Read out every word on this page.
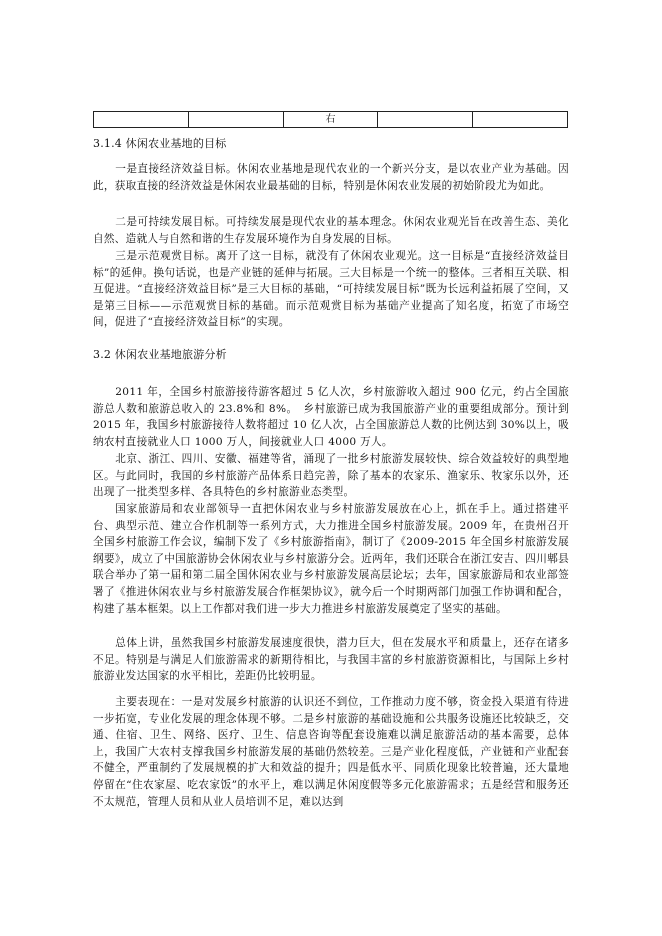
		右		
3.1.4 休闲农业基地的目标

一是直接经济效益目标。休闲农业基地是现代农业的一个新兴分支，是以农业产业为基础。因此，获取直接的经济效益是休闲农业最基础的目标，特别是休闲农业发展的初始阶段尤为如此。

二是可持续发展目标。可持续发展是现代农业的基本理念。休闲农业观光旨在改善生态、美化自然、造就人与自然和谐的生存发展环境作为自身发展的目标。

三是示范观赏目标。离开了这一目标，就没有了休闲农业观光。这一目标是“直接经济效益目标”的延伸。换句话说，也是产业链的延伸与拓展。三大目标是一个统一的整体。三者相互关联、相互促进。“直接经济效益目标”是三大目标的基础，“可持续发展目标”既为长远利益拓展了空间，又是第三目标——示范观赏目标的基础。而示范观赏目标为基础产业提高了知名度，拓宽了市场空间，促进了“直接经济效益目标”的实现。

3.2 休闲农业基地旅游分析

2011 年，全国乡村旅游接待游客超过 5 亿人次，乡村旅游收入超过 900 亿元，约占全国旅游总人数和旅游总收入的 23.8%和 8%。　乡村旅游已成为我国旅游产业的重要组成部分。预计到 2015 年，我国乡村旅游接待人数将超过 10 亿人次，占全国旅游总人数的比例达到 30%以上，吸纳农村直接就业人口 1000 万人，间接就业人口 4000 万人。

北京、浙江、四川、安徽、福建等省，涌现了一批乡村旅游发展较快、综合效益较好的典型地区。与此同时，我国的乡村旅游产品体系日趋完善，除了基本的农家乐、渔家乐、牧家乐以外，还出现了一批类型多样、各具特色的乡村旅游业态类型。

国家旅游局和农业部领导一直把休闲农业与乡村旅游发展放在心上，抓在手上。通过搭建平台、典型示范、建立合作机制等一系列方式，大力推进全国乡村旅游发展。2009 年，在贵州召开全国乡村旅游工作会议，编制下发了《乡村旅游指南》，制订了《2009-2015 年全国乡村旅游发展纲要》，成立了中国旅游协会休闲农业与乡村旅游分会。近两年，我们还联合在浙江安吉、四川郫县联合举办了第一届和第二届全国休闲农业与乡村旅游发展高层论坛；去年，国家旅游局和农业部签署了《推进休闲农业与乡村旅游发展合作框架协议》，就今后一个时期两部门加强工作协调和配合，构建了基本框架。以上工作都对我们进一步大力推进乡村旅游发展奠定了坚实的基础。

总体上讲，虽然我国乡村旅游发展速度很快，潜力巨大，但在发展水平和质量上，还存在诸多不足。特别是与满足人们旅游需求的新期待相比，与我国丰富的乡村旅游资源相比，与国际上乡村旅游业发达国家的水平相比，差距仍比较明显。

主要表现在：一是对发展乡村旅游的认识还不到位，工作推动力度不够，资金投入渠道有待进一步拓宽，专业化发展的理念体现不够。二是乡村旅游的基础设施和公共服务设施还比较缺乏，交通、住宿、卫生、网络、医疗、卫生、信息咨询等配套设施难以满足旅游活动的基本需要，总体上，我国广大农村支撑我国乡村旅游发展的基础仍然较差。三是产业化程度低，产业链和产业配套不健全，严重制约了发展规模的扩大和效益的提升；四是低水平、同质化现象比较普遍，还大量地停留在“住农家屋、吃农家饭”的水平上，难以满足休闲度假等多元化旅游需求；五是经营和服务还不太规范，管理人员和从业人员培训不足，难以达到
